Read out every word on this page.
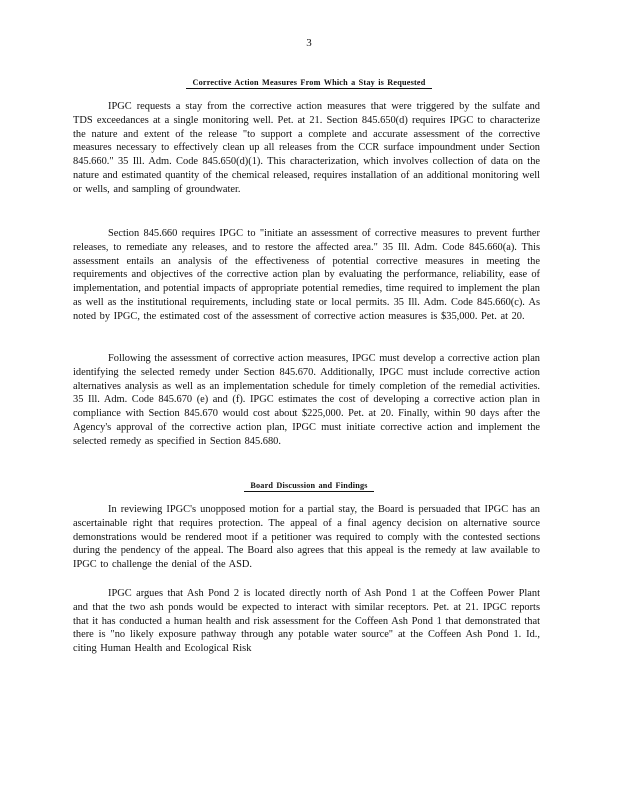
3
Corrective Action Measures From Which a Stay is Requested

IPGC requests a stay from the corrective action measures that were triggered by the sulfate and TDS exceedances at a single monitoring well. Pet. at 21. Section 845.650(d) requires IPGC to characterize the nature and extent of the release "to support a complete and accurate assessment of the corrective measures necessary to effectively clean up all releases from the CCR surface impoundment under Section 845.660." 35 Ill. Adm. Code 845.650(d)(1). This characterization, which involves collection of data on the nature and estimated quantity of the chemical released, requires installation of an additional monitoring well or wells, and sampling of groundwater.

Section 845.660 requires IPGC to "initiate an assessment of corrective measures to prevent further releases, to remediate any releases, and to restore the affected area." 35 Ill. Adm. Code 845.660(a). This assessment entails an analysis of the effectiveness of potential corrective measures in meeting the requirements and objectives of the corrective action plan by evaluating the performance, reliability, ease of implementation, and potential impacts of appropriate potential remedies, time required to implement the plan as well as the institutional requirements, including state or local permits. 35 Ill. Adm. Code 845.660(c). As noted by IPGC, the estimated cost of the assessment of corrective action measures is $35,000. Pet. at 20.

Following the assessment of corrective action measures, IPGC must develop a corrective action plan identifying the selected remedy under Section 845.670. Additionally, IPGC must include corrective action alternatives analysis as well as an implementation schedule for timely completion of the remedial activities. 35 Ill. Adm. Code 845.670 (e) and (f). IPGC estimates the cost of developing a corrective action plan in compliance with Section 845.670 would cost about $225,000. Pet. at 20. Finally, within 90 days after the Agency's approval of the corrective action plan, IPGC must initiate corrective action and implement the selected remedy as specified in Section 845.680.

Board Discussion and Findings

In reviewing IPGC's unopposed motion for a partial stay, the Board is persuaded that IPGC has an ascertainable right that requires protection. The appeal of a final agency decision on alternative source demonstrations would be rendered moot if a petitioner was required to comply with the contested sections during the pendency of the appeal. The Board also agrees that this appeal is the remedy at law available to IPGC to challenge the denial of the ASD.

IPGC argues that Ash Pond 2 is located directly north of Ash Pond 1 at the Coffeen Power Plant and that the two ash ponds would be expected to interact with similar receptors. Pet. at 21. IPGC reports that it has conducted a human health and risk assessment for the Coffeen Ash Pond 1 that demonstrated that there is "no likely exposure pathway through any potable water source" at the Coffeen Ash Pond 1. Id., citing Human Health and Ecological Risk
